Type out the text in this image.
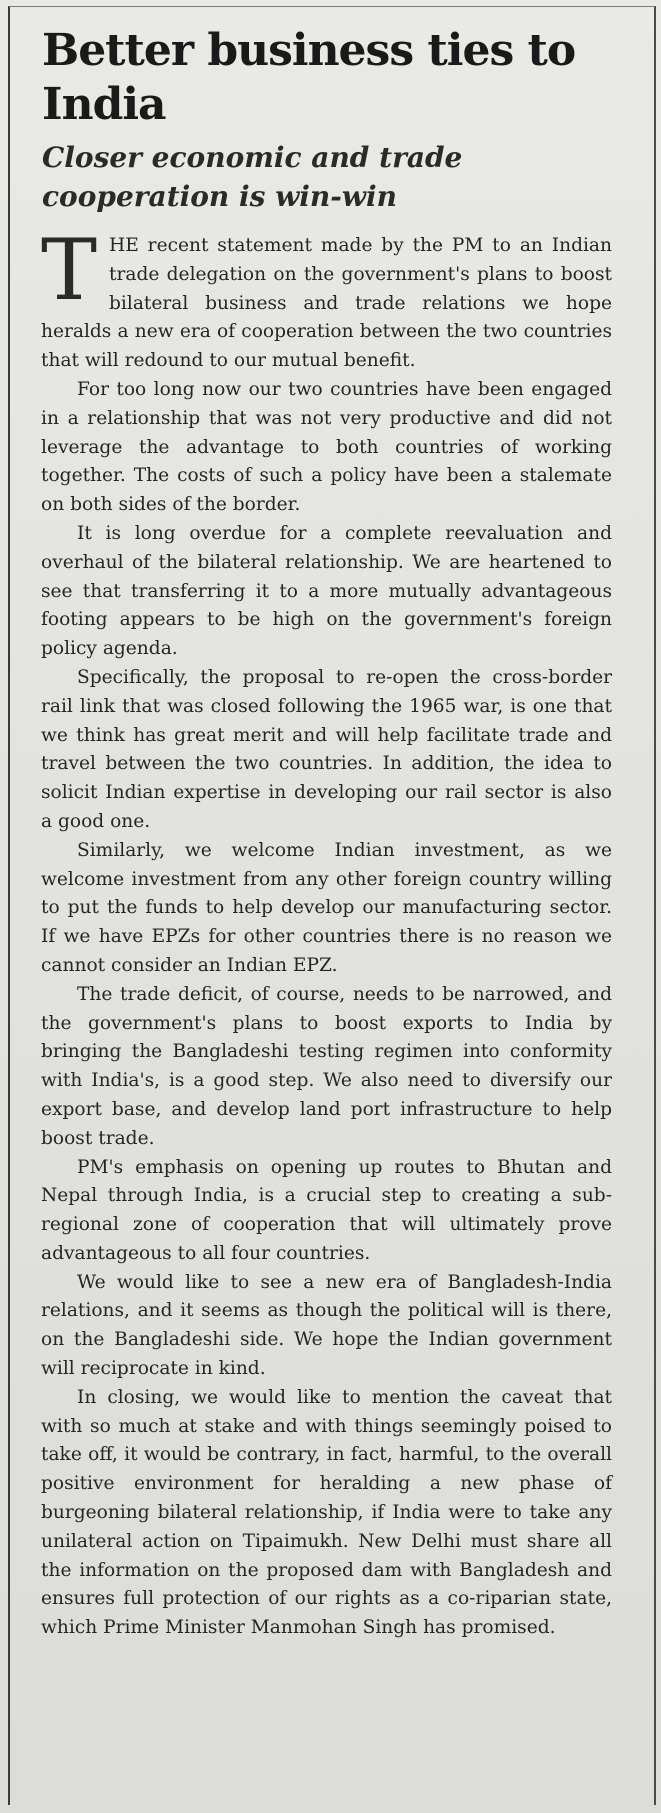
Better business ties to India
Closer economic and trade cooperation is win-win

THE recent statement made by the PM to an Indian trade delegation on the government's plans to boost bilateral business and trade relations we hope heralds a new era of cooperation between the two countries that will redound to our mutual benefit.

For too long now our two countries have been engaged in a relationship that was not very productive and did not leverage the advantage to both countries of working together. The costs of such a policy have been a stalemate on both sides of the border.

It is long overdue for a complete reevaluation and overhaul of the bilateral relationship. We are heartened to see that transferring it to a more mutually advantageous footing appears to be high on the government's foreign policy agenda.

Specifically, the proposal to re-open the cross-border rail link that was closed following the 1965 war, is one that we think has great merit and will help facilitate trade and travel between the two countries. In addition, the idea to solicit Indian expertise in developing our rail sector is also a good one.

Similarly, we welcome Indian investment, as we welcome investment from any other foreign country willing to put the funds to help develop our manufacturing sector. If we have EPZs for other countries there is no reason we cannot consider an Indian EPZ.

The trade deficit, of course, needs to be narrowed, and the government's plans to boost exports to India by bringing the Bangladeshi testing regimen into conformity with India's, is a good step. We also need to diversify our export base, and develop land port infrastructure to help boost trade.

PM's emphasis on opening up routes to Bhutan and Nepal through India, is a crucial step to creating a sub-regional zone of cooperation that will ultimately prove advantageous to all four countries.

We would like to see a new era of Bangladesh-India relations, and it seems as though the political will is there, on the Bangladeshi side. We hope the Indian government will reciprocate in kind.

In closing, we would like to mention the caveat that with so much at stake and with things seemingly poised to take off, it would be contrary, in fact, harmful, to the overall positive environment for heralding a new phase of burgeoning bilateral relationship, if India were to take any unilateral action on Tipaimukh. New Delhi must share all the information on the proposed dam with Bangladesh and ensures full protection of our rights as a co-riparian state, which Prime Minister Manmohan Singh has promised.
